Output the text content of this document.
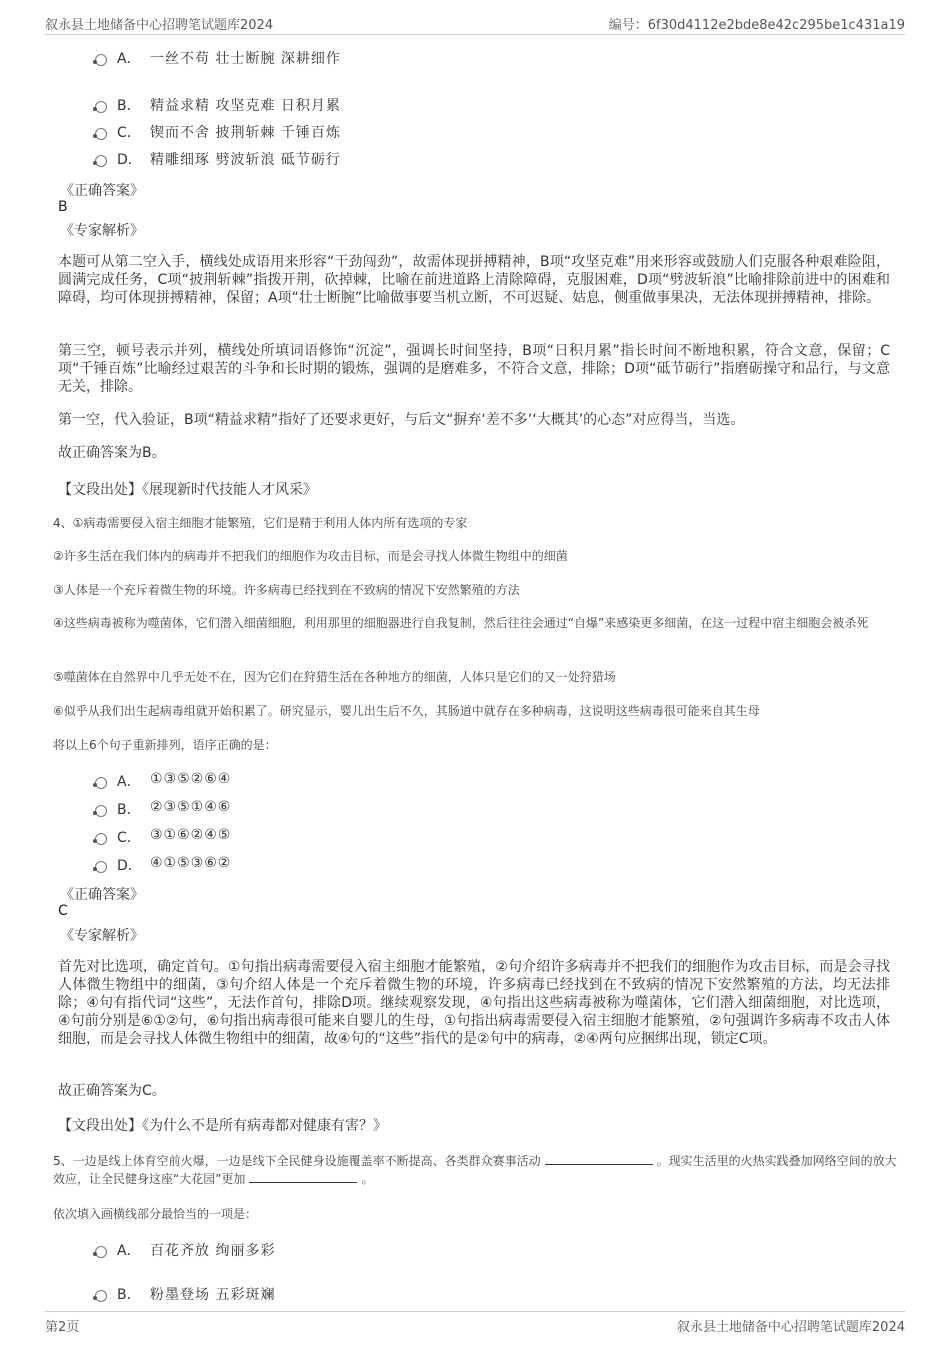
叙永县土地储备中心招聘笔试题库2024	编号：6f30d4112e2bde8e42c295be1c431a19
A． 一丝不苟 壮士断腕 深耕细作
B． 精益求精 攻坚克难 日积月累
C． 锲而不舍 披荆斩棘 千锤百炼
D． 精雕细琢 劈波斩浪 砥节砺行
《正确答案》
B
《专家解析》

本题可从第二空入手，横线处成语用来形容“干劲闯劲”，故需体现拼搏精神，B项“攻坚克难”用来形容或鼓励人们克服各种艰难险阻，圆满完成任务，C项“披荆斩棘”指拨开荆，砍掉棘，比喻在前进道路上清除障碍，克服困难，D项“劈波斩浪”比喻排除前进中的困难和障碍，均可体现拼搏精神，保留；A项“壮士断腕”比喻做事要当机立断，不可迟疑、姑息，侧重做事果决，无法体现拼搏精神，排除。

第三空，顿号表示并列，横线处所填词语修饰“沉淀”，强调长时间坚持，B项“日积月累”指长时间不断地积累，符合文意，保留；C项“千锤百炼”比喻经过艰苦的斗争和长时期的锻炼，强调的是磨难多，不符合文意，排除；D项“砥节砺行”指磨砺操守和品行，与文意无关，排除。

第一空，代入验证，B项“精益求精”指好了还要求更好，与后文“摒弃‘差不多’‘大概其’的心态”对应得当，当选。

故正确答案为B。

【文段出处】《展现新时代技能人才风采》

4、①病毒需要侵入宿主细胞才能繁殖，它们是精于利用人体内所有选项的专家

②许多生活在我们体内的病毒并不把我们的细胞作为攻击目标，而是会寻找人体微生物组中的细菌

③人体是一个充斥着微生物的环境。许多病毒已经找到在不致病的情况下安然繁殖的方法

④这些病毒被称为噬菌体，它们潜入细菌细胞，利用那里的细胞器进行自我复制，然后往往会通过“自爆”来感染更多细菌，在这一过程中宿主细胞会被杀死

⑤噬菌体在自然界中几乎无处不在，因为它们在狩猎生活在各种地方的细菌，人体只是它们的又一处狩猎场

⑥似乎从我们出生起病毒组就开始积累了。研究显示，婴儿出生后不久，其肠道中就存在多种病毒，这说明这些病毒很可能来自其生母

将以上6个句子重新排列，语序正确的是：

A． ①③⑤②⑥④
B． ②③⑤①④⑥
C． ③①⑥②④⑤
D． ④①⑤③⑥②
《正确答案》
C
《专家解析》

首先对比选项，确定首句。①句指出病毒需要侵入宿主细胞才能繁殖，②句介绍许多病毒并不把我们的细胞作为攻击目标，而是会寻找人体微生物组中的细菌，③句介绍人体是一个充斥着微生物的环境，许多病毒已经找到在不致病的情况下安然繁殖的方法，均无法排除；④句有指代词“这些”，无法作首句，排除D项。继续观察发现，④句指出这些病毒被称为噬菌体，它们潜入细菌细胞，对比选项，④句前分别是⑥①②句，⑥句指出病毒很可能来自婴儿的生母，①句指出病毒需要侵入宿主细胞才能繁殖，②句强调许多病毒不攻击人体细胞，而是会寻找人体微生物组中的细菌，故④句的“这些”指代的是②句中的病毒，②④两句应捆绑出现，锁定C项。

故正确答案为C。

【文段出处】《为什么不是所有病毒都对健康有害？》

5、一边是线上体育空前火爆，一边是线下全民健身设施覆盖率不断提高、各类群众赛事活动	。现实生活里的火热实践叠加网络空间的放大效应，让全民健身这座“大花园”更加	。

依次填入画横线部分最恰当的一项是：

A． 百花齐放 绚丽多彩
B． 粉墨登场 五彩斑斓
第2页	叙永县土地储备中心招聘笔试题库2024
